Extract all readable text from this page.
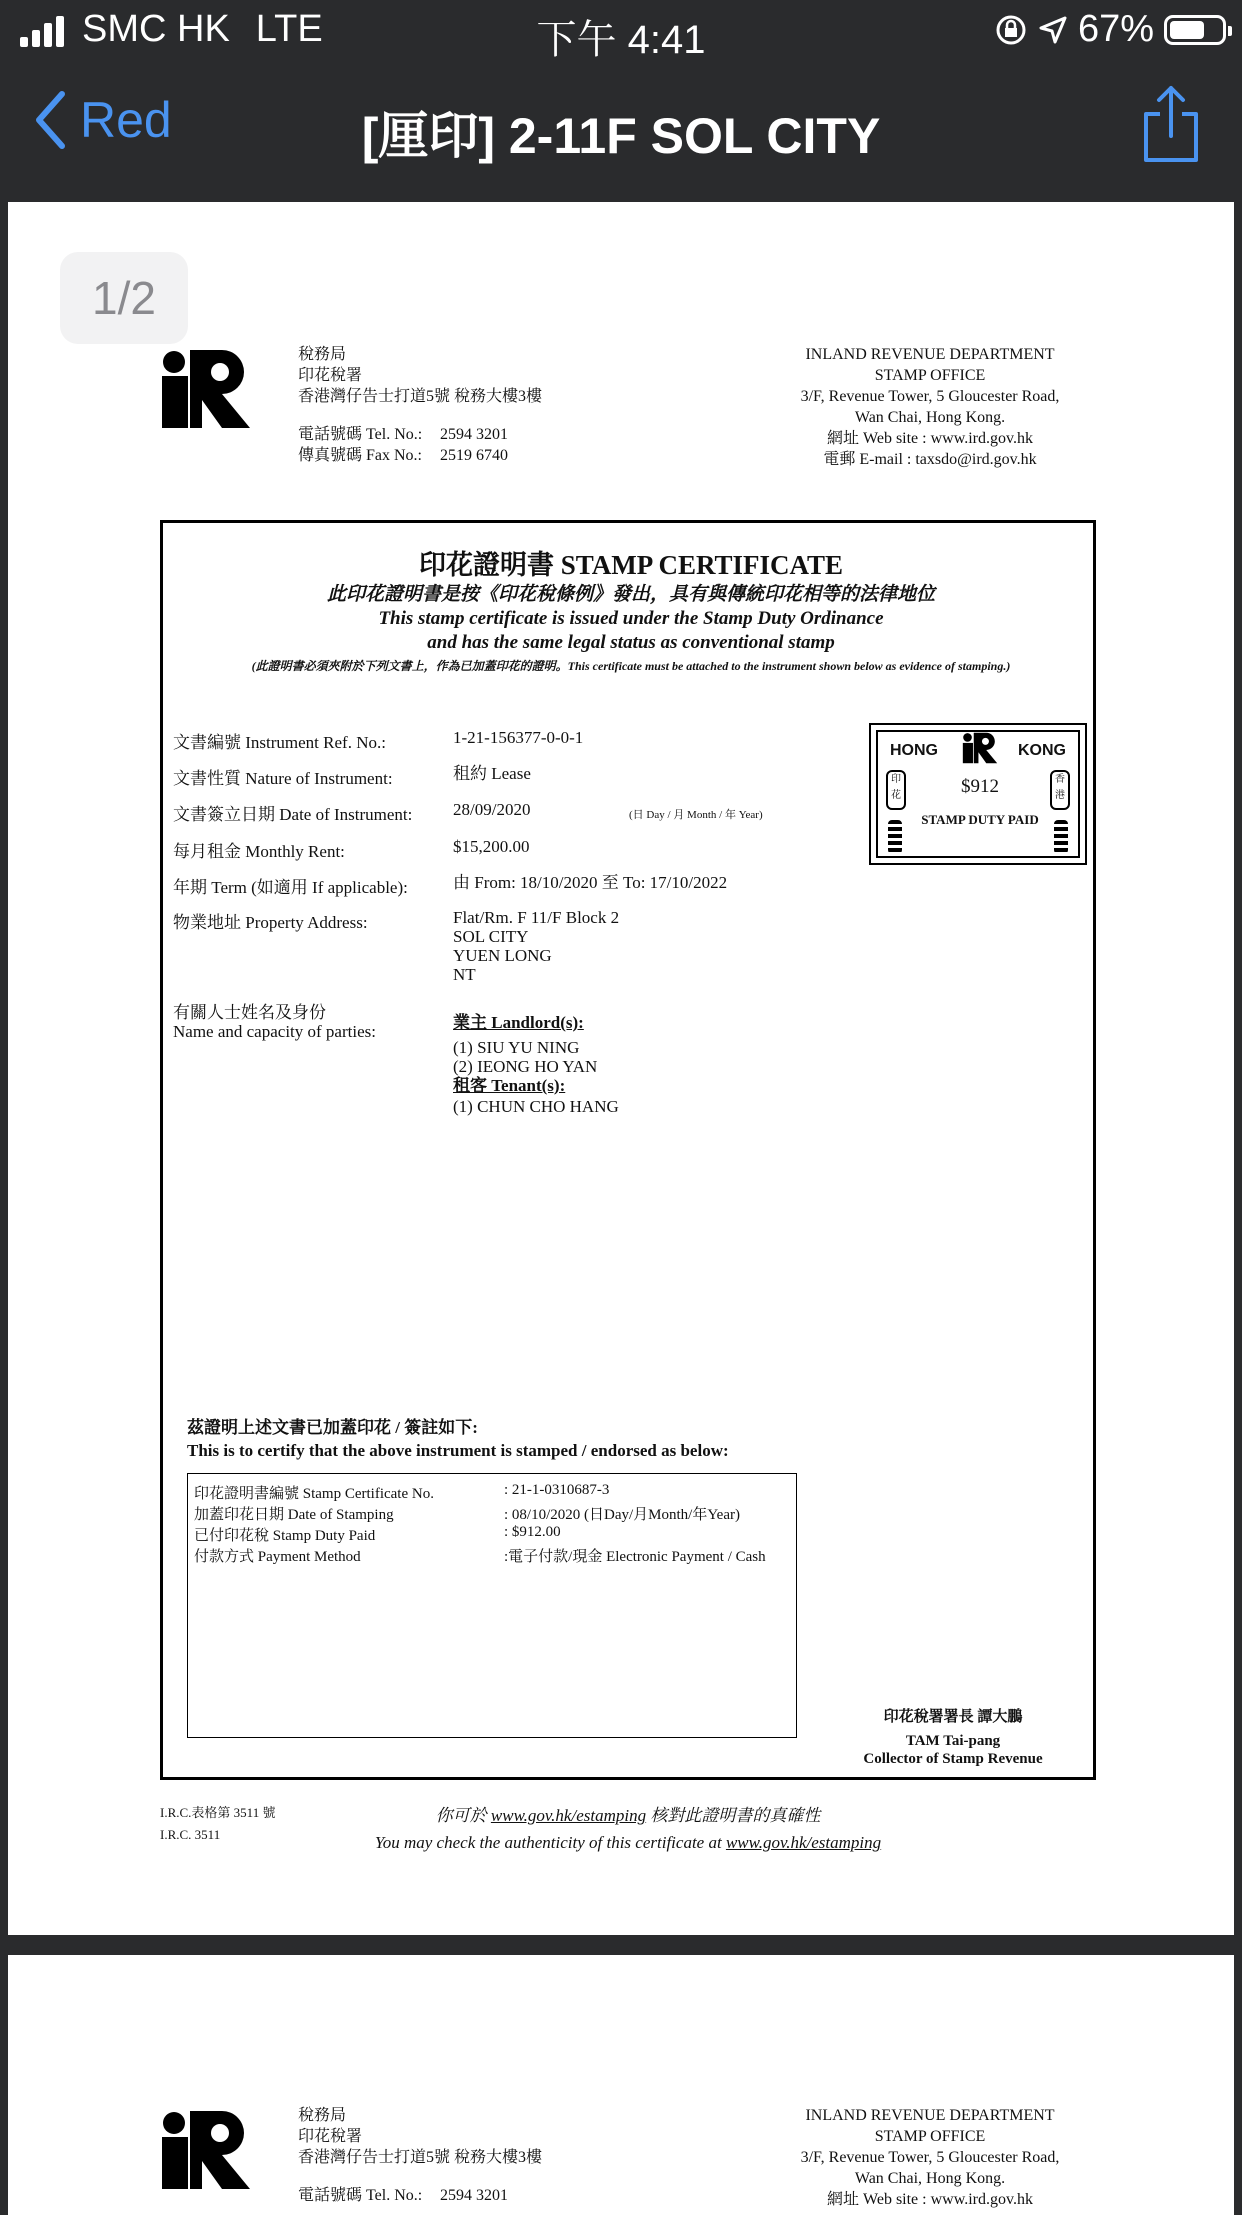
SMC HK LTE	下午 4:41	67%
Red	[厘印] 2-11F SOL CITY
1/2
稅務局
印花稅署
香港灣仔告士打道5號 稅務大樓3樓
電話號碼 Tel. No.: 2594 3201
傳真號碼 Fax No.: 2519 6740
INLAND REVENUE DEPARTMENT
STAMP OFFICE
3/F, Revenue Tower, 5 Gloucester Road,
Wan Chai, Hong Kong.
網址 Web site : www.ird.gov.hk
電郵 E-mail : taxsdo@ird.gov.hk
印花證明書 STAMP CERTIFICATE
此印花證明書是按《印花稅條例》發出，具有與傳統印花相等的法律地位
This stamp certificate is issued under the Stamp Duty Ordinance
and has the same legal status as conventional stamp
(此證明書必須夾附於下列文書上，作為已加蓋印花的證明。This certificate must be attached to the instrument shown below as evidence of stamping.)
文書編號 Instrument Ref. No.:	1-21-156377-0-0-1
文書性質 Nature of Instrument:	租約 Lease
文書簽立日期 Date of Instrument: 28/09/2020	(日 Day / 月 Month / 年 Year)
每月租金 Monthly Rent:	$15,200.00
年期 Term (如適用 If applicable):	由 From: 18/10/2020 至 To: 17/10/2022
物業地址 Property Address:	Flat/Rm. F 11/F Block 2
SOL CITY
YUEN LONG
NT
有關人士姓名及身份
Name and capacity of parties:	業主 Landlord(s):
(1) SIU YU NING
(2) IEONG HO YAN
租客 Tenant(s):
(1) CHUN CHO HANG
HONG	KONG
印花
香港
$912
STAMP DUTY PAID
茲證明上述文書已加蓋印花 / 簽註如下:
This is to certify that the above instrument is stamped / endorsed as below:
印花證明書編號 Stamp Certificate No.	: 21-1-0310687-3
加蓋印花日期 Date of Stamping	: 08/10/2020 (日Day/月Month/年Year)
已付印花稅 Stamp Duty Paid	: $912.00
付款方式 Payment Method	:電子付款/現金 Electronic Payment / Cash
印花稅署署長 譚大鵬
TAM Tai-pang
Collector of Stamp Revenue
I.R.C.表格第 3511 號
I.R.C. 3511
你可於 www.gov.hk/estamping 核對此證明書的真確性
You may check the authenticity of this certificate at www.gov.hk/estamping
稅務局
印花稅署
香港灣仔告士打道5號 稅務大樓3樓
電話號碼 Tel. No.: 2594 3201
INLAND REVENUE DEPARTMENT
STAMP OFFICE
3/F, Revenue Tower, 5 Gloucester Road,
Wan Chai, Hong Kong.
網址 Web site : www.ird.gov.hk
